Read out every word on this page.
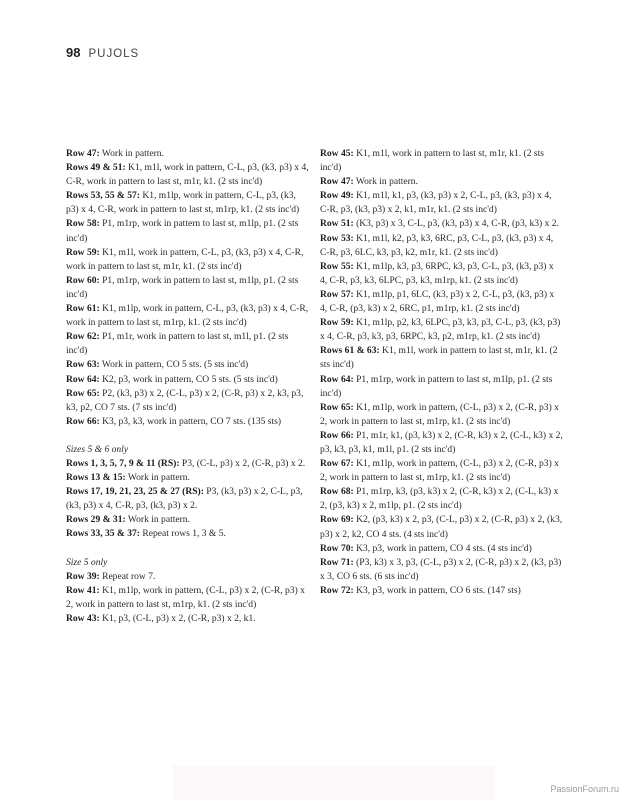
98 PUJOLS

Row 47: Work in pattern.

Rows 49 & 51: K1, m1l, work in pattern, C-L, p3, (k3, p3) x 4, C-R, work in pattern to last st, m1r, k1. (2 sts inc'd)

Rows 53, 55 & 57: K1, m1lp, work in pattern, C-L, p3, (k3, p3) x 4, C-R, work in pattern to last st, m1rp, k1. (2 sts inc'd)

Row 58: P1, m1rp, work in pattern to last st, m1lp, p1. (2 sts inc'd)

Row 59: K1, m1l, work in pattern, C-L, p3, (k3, p3) x 4, C-R, work in pattern to last st, m1r, k1. (2 sts inc'd)

Row 60: P1, m1rp, work in pattern to last st, m1lp, p1. (2 sts inc'd)

Row 61: K1, m1lp, work in pattern, C-L, p3, (k3, p3) x 4, C-R, work in pattern to last st, m1rp, k1. (2 sts inc'd)

Row 62: P1, m1r, work in pattern to last st, m1l, p1. (2 sts inc'd)

Row 63: Work in pattern, CO 5 sts. (5 sts inc'd)

Row 64: K2, p3, work in pattern, CO 5 sts. (5 sts inc'd)

Row 65: P2, (k3, p3) x 2, (C-L, p3) x 2, (C-R, p3) x 2, k3, p3, k3, p2, CO 7 sts. (7 sts inc'd)

Row 66: K3, p3, k3, work in pattern, CO 7 sts. (135 sts)

Sizes 5 & 6 only

Rows 1, 3, 5, 7, 9 & 11 (RS): P3, (C-L, p3) x 2, (C-R, p3) x 2.

Rows 13 & 15: Work in pattern.

Rows 17, 19, 21, 23, 25 & 27 (RS): P3, (k3, p3) x 2, C-L, p3, (k3, p3) x 4, C-R, p3, (k3, p3) x 2.

Rows 29 & 31: Work in pattern.

Rows 33, 35 & 37: Repeat rows 1, 3 & 5.

Size 5 only

Row 39: Repeat row 7.

Row 41: K1, m1lp, work in pattern, (C-L, p3) x 2, (C-R, p3) x 2, work in pattern to last st, m1rp, k1. (2 sts inc'd)

Row 43: K1, p3, (C-L, p3) x 2, (C-R, p3) x 2, k1.

Row 45: K1, m1l, work in pattern to last st, m1r, k1. (2 sts inc'd)

Row 47: Work in pattern.

Row 49: K1, m1l, k1, p3, (k3, p3) x 2, C-L, p3, (k3, p3) x 4, C-R, p3, (k3, p3) x 2, k1, m1r, k1. (2 sts inc'd)

Row 51: (K3, p3) x 3, C-L, p3, (k3, p3) x 4, C-R, (p3, k3) x 2.

Row 53: K1, m1l, k2, p3, k3, 6RC, p3, C-L, p3, (k3, p3) x 4, C-R, p3, 6LC, k3, p3, k2, m1r, k1. (2 sts inc'd)

Row 55: K1, m1lp, k3, p3, 6RPC, k3, p3, C-L, p3, (k3, p3) x 4, C-R, p3, k3, 6LPC, p3, k3, m1rp, k1. (2 sts inc'd)

Row 57: K1, m1lp, p1, 6LC, (k3, p3) x 2, C-L, p3, (k3, p3) x 4, C-R, (p3, k3) x 2, 6RC, p1, m1rp, k1. (2 sts inc'd)

Row 59: K1, m1lp, p2, k3, 6LPC, p3, k3, p3, C-L, p3, (k3, p3) x 4, C-R, p3, k3, p3, 6RPC, k3, p2, m1rp, k1. (2 sts inc'd)

Rows 61 & 63: K1, m1l, work in pattern to last st, m1r, k1. (2 sts inc'd)

Row 64: P1, m1rp, work in pattern to last st, m1lp, p1. (2 sts inc'd)

Row 65: K1, m1lp, work in pattern, (C-L, p3) x 2, (C-R, p3) x 2, work in pattern to last st, m1rp, k1. (2 sts inc'd)

Row 66: P1, m1r, k1, (p3, k3) x 2, (C-R, k3) x 2, (C-L, k3) x 2, p3, k3, p3, k1, m1l, p1. (2 sts inc'd)

Row 67: K1, m1lp, work in pattern, (C-L, p3) x 2, (C-R, p3) x 2, work in pattern to last st, m1rp, k1. (2 sts inc'd)

Row 68: P1, m1rp, k3, (p3, k3) x 2, (C-R, k3) x 2, (C-L, k3) x 2, (p3, k3) x 2, m1lp, p1. (2 sts inc'd)

Row 69: K2, (p3, k3) x 2, p3, (C-L, p3) x 2, (C-R, p3) x 2, (k3, p3) x 2, k2, CO 4 sts. (4 sts inc'd)

Row 70: K3, p3, work in pattern, CO 4 sts. (4 sts inc'd)

Row 71: (P3, k3) x 3, p3, (C-L, p3) x 2, (C-R, p3) x 2, (k3, p3) x 3, CO 6 sts. (6 sts inc'd)

Row 72: K3, p3, work in pattern, CO 6 sts. (147 sts)

PassionForum.ru
